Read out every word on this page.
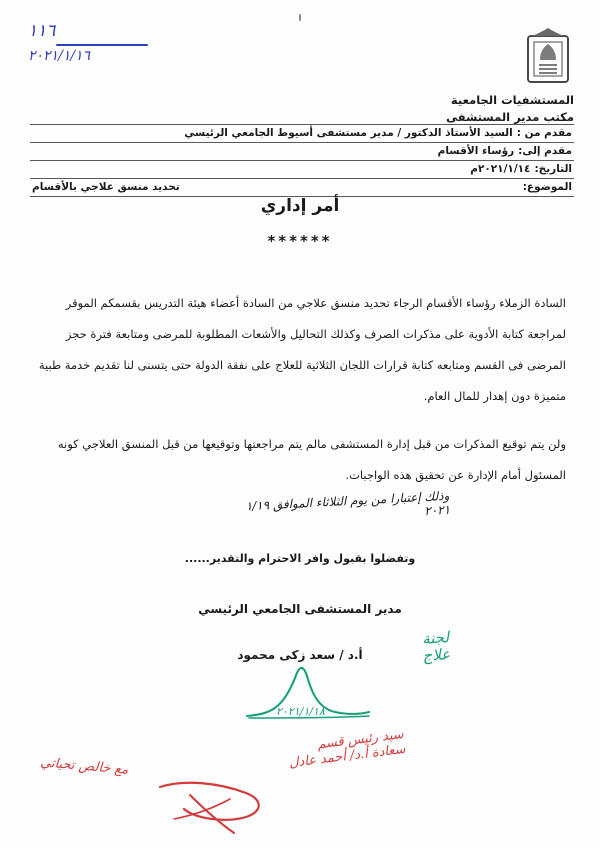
١١٦
٢٠٢١/١/١٦
المستشفيات الجامعية
مكتب مدير المستشفى
مقدم من :
السيد الأستاذ الدكتور / مدير مستشفى أسيوط الجامعي الرئيسي
مقدم إلى:
رؤساء الأقسام
التاريخ:
٢٠٢١/١/١٤م
الموضوع:
تحديد منسق علاجي بالأقسام
أمر إداري
******

السادة الزملاء رؤساء الأقسام الرجاء تحديد منسق علاجي من السادة أعضاء هيئة التدريس بقسمكم الموقر لمراجعة كتابة الأدوية على مذكرات الصرف وكذلك التحاليل والأشعات المطلوبة للمرضى ومتابعة فترة حجز المرضى فى القسم ومتابعه كتابة قرارات اللجان الثلاثية للعلاج على نفقة الدولة حتى يتسنى لنا تقديم خدمة طبية متميزة دون إهدار للمال العام.

ولن يتم توقيع المذكرات من قبل إدارة المستشفى مالم يتم مراجعتها وتوقيعها من قبل المنسق العلاجي كونه المسئول أمام الإدارة عن تحقيق هذه الواجبات.

وذلك إعتبارا من يوم الثلاثاء الموافق ١/١٩
٢٠٢١
وتفضلوا بقبول وافر الاحترام والتقدير......
مدير المستشفى الجامعي الرئيسي
أ.د / سعد زكى محمود
لجنة
علاج
٢٠٢١/١/١٨
سيد رئيس قسم
سعادة أ.د/ أحمد عادل
مع خالص تحياتي
